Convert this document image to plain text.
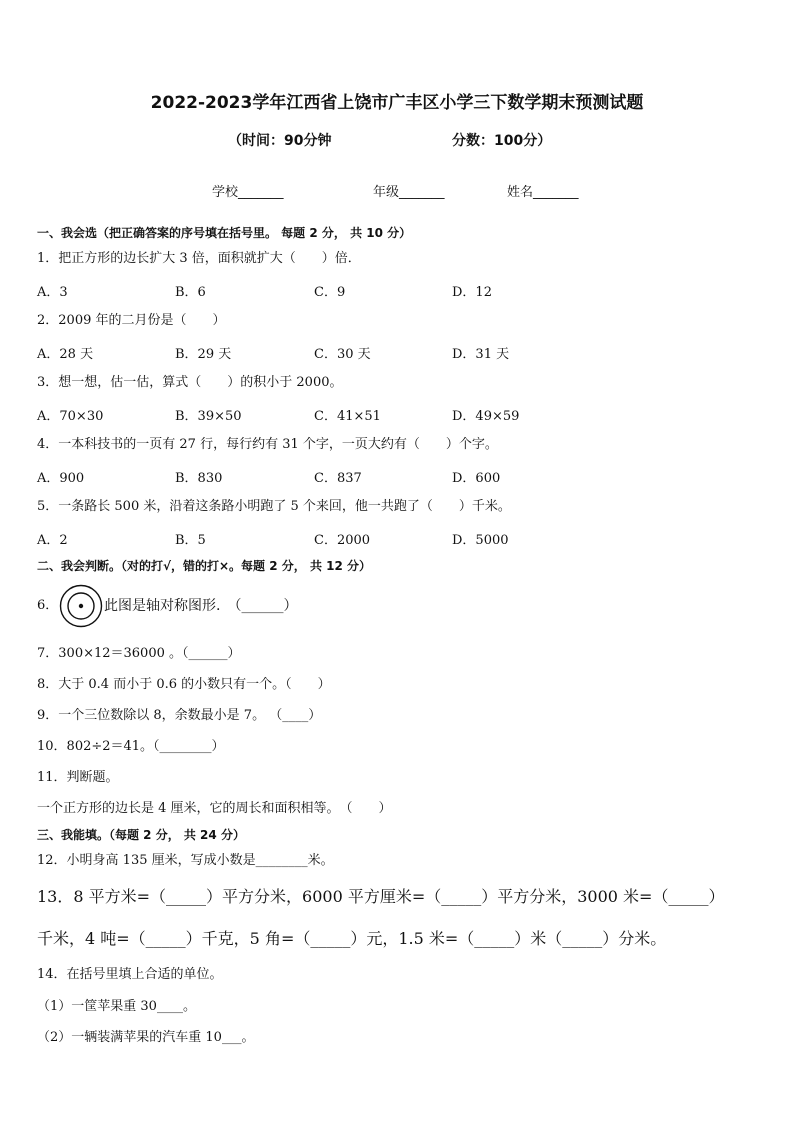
2022-2023学年江西省上饶市广丰区小学三下数学期末预测试题
（时间：90分钟	分数：100分）
学校_______	年级_______	姓名_______
一、我会选（把正确答案的序号填在括号里。 每题 2 分， 共 10 分）
1．把正方形的边长扩大 3 倍，面积就扩大（　　）倍．
A．3	B．6	C．9	D．12
2．2009 年的二月份是（　　）
A．28 天	B．29 天	C．30 天	D．31 天
3．想一想，估一估，算式（　　）的积小于 2000。
A．70×30	B．39×50	C．41×51	D．49×59
4．一本科技书的一页有 27 行，每行约有 31 个字，一页大约有（　　）个字。
A．900	B．830	C．837	D．600
5．一条路长 500 米，沿着这条路小明跑了 5 个来回，他一共跑了（　　）千米。
A．2	B．5	C．2000	D．5000
二、我会判断。（对的打√，错的打×。每题 2 分， 共 12 分）
6．	此图是轴对称图形.　（______）
7．300×12＝36000 。（______）
8．大于 0.4 而小于 0.6 的小数只有一个。（　　）
9．一个三位数除以 8，余数最小是 7。 （____）
10．802÷2＝41。（________）
11．判断题。
一个正方形的边长是 4 厘米，它的周长和面积相等。　（　　）
三、我能填。（每题 2 分， 共 24 分）
12．小明身高 135 厘米，写成小数是________米。
13．8 平方米=（_____）平方分米，6000 平方厘米=（_____）平方分米，3000 米=（_____）
千米，4 吨=（_____）千克，5 角=（_____）元，1.5 米=（_____）米（_____）分米。
14．在括号里填上合适的单位。
（1）一筐苹果重 30____。
（2）一辆装满苹果的汽车重 10___。
